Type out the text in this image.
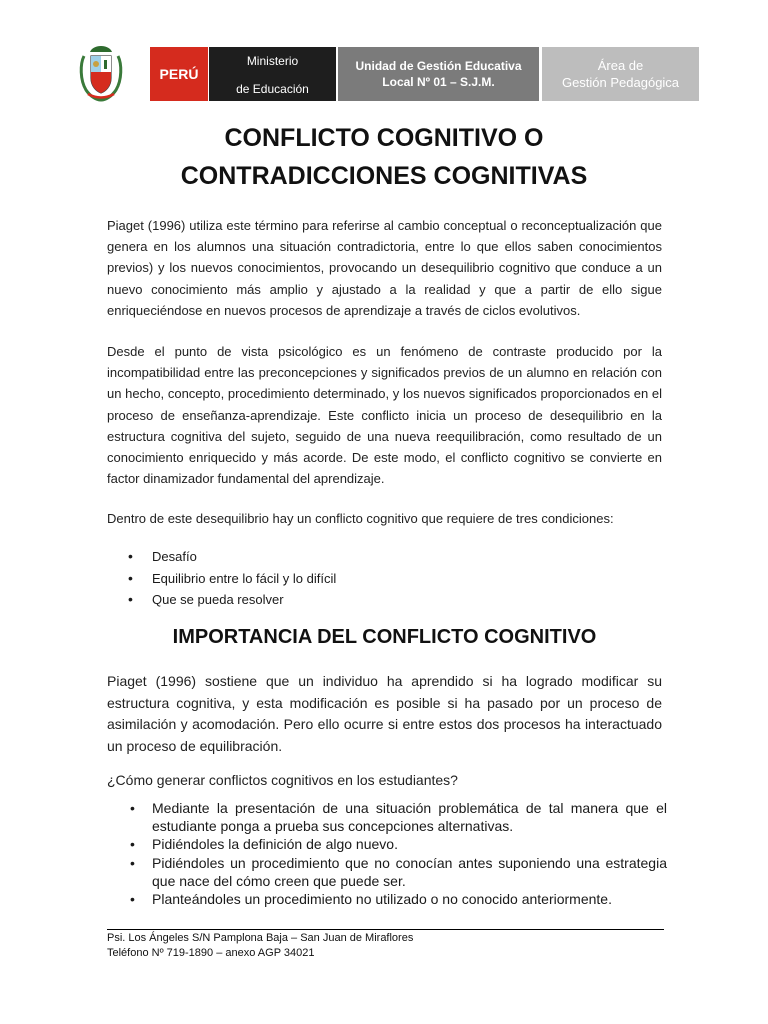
PERÚ
Ministerio
de Educación
Unidad de Gestión Educativa
Local Nº 01 – S.J.M.
Área de
Gestión Pedagógica
CONFLICTO COGNITIVO O
CONTRADICCIONES COGNITIVAS

Piaget (1996) utiliza este término para referirse al cambio conceptual o reconceptualización que genera en los alumnos una situación contradictoria, entre lo que ellos saben conocimientos previos) y los nuevos conocimientos, provocando un desequilibrio cognitivo que conduce a un nuevo conocimiento más amplio y ajustado a la realidad y que a partir de ello sigue enriqueciéndose en nuevos procesos de aprendizaje a través de ciclos evolutivos.

Desde el punto de vista psicológico es un fenómeno de contraste producido por la incompatibilidad entre las preconcepciones y significados previos de un alumno en relación con un hecho, concepto, procedimiento determinado, y los nuevos significados proporcionados en el proceso de enseñanza-aprendizaje. Este conflicto inicia un proceso de desequilibrio en la estructura cognitiva del sujeto, seguido de una nueva reequilibración, como resultado de un conocimiento enriquecido y más acorde. De este modo, el conflicto cognitivo se convierte en factor dinamizador fundamental del aprendizaje.

Dentro de este desequilibrio hay un conflicto cognitivo que requiere de tres condiciones:

• Desafío
• Equilibrio entre lo fácil y lo difícil
• Que se pueda resolver
IMPORTANCIA DEL CONFLICTO COGNITIVO

Piaget (1996) sostiene que un individuo ha aprendido si ha logrado modificar su estructura cognitiva, y esta modificación es posible si ha pasado por un proceso de asimilación y acomodación. Pero ello ocurre si entre estos dos procesos ha interactuado un proceso de equilibración.

¿Cómo generar conflictos cognitivos en los estudiantes?

• Mediante la presentación de una situación problemática de tal manera que el estudiante ponga a prueba sus concepciones alternativas.
• Pidiéndoles la definición de algo nuevo.
• Pidiéndoles un procedimiento que no conocían antes suponiendo una estrategia que nace del cómo creen que puede ser.
• Planteándoles un procedimiento no utilizado o no conocido anteriormente.
Psi. Los Ángeles S/N Pamplona Baja – San Juan de Miraflores
Teléfono Nº 719-1890 – anexo AGP 34021
